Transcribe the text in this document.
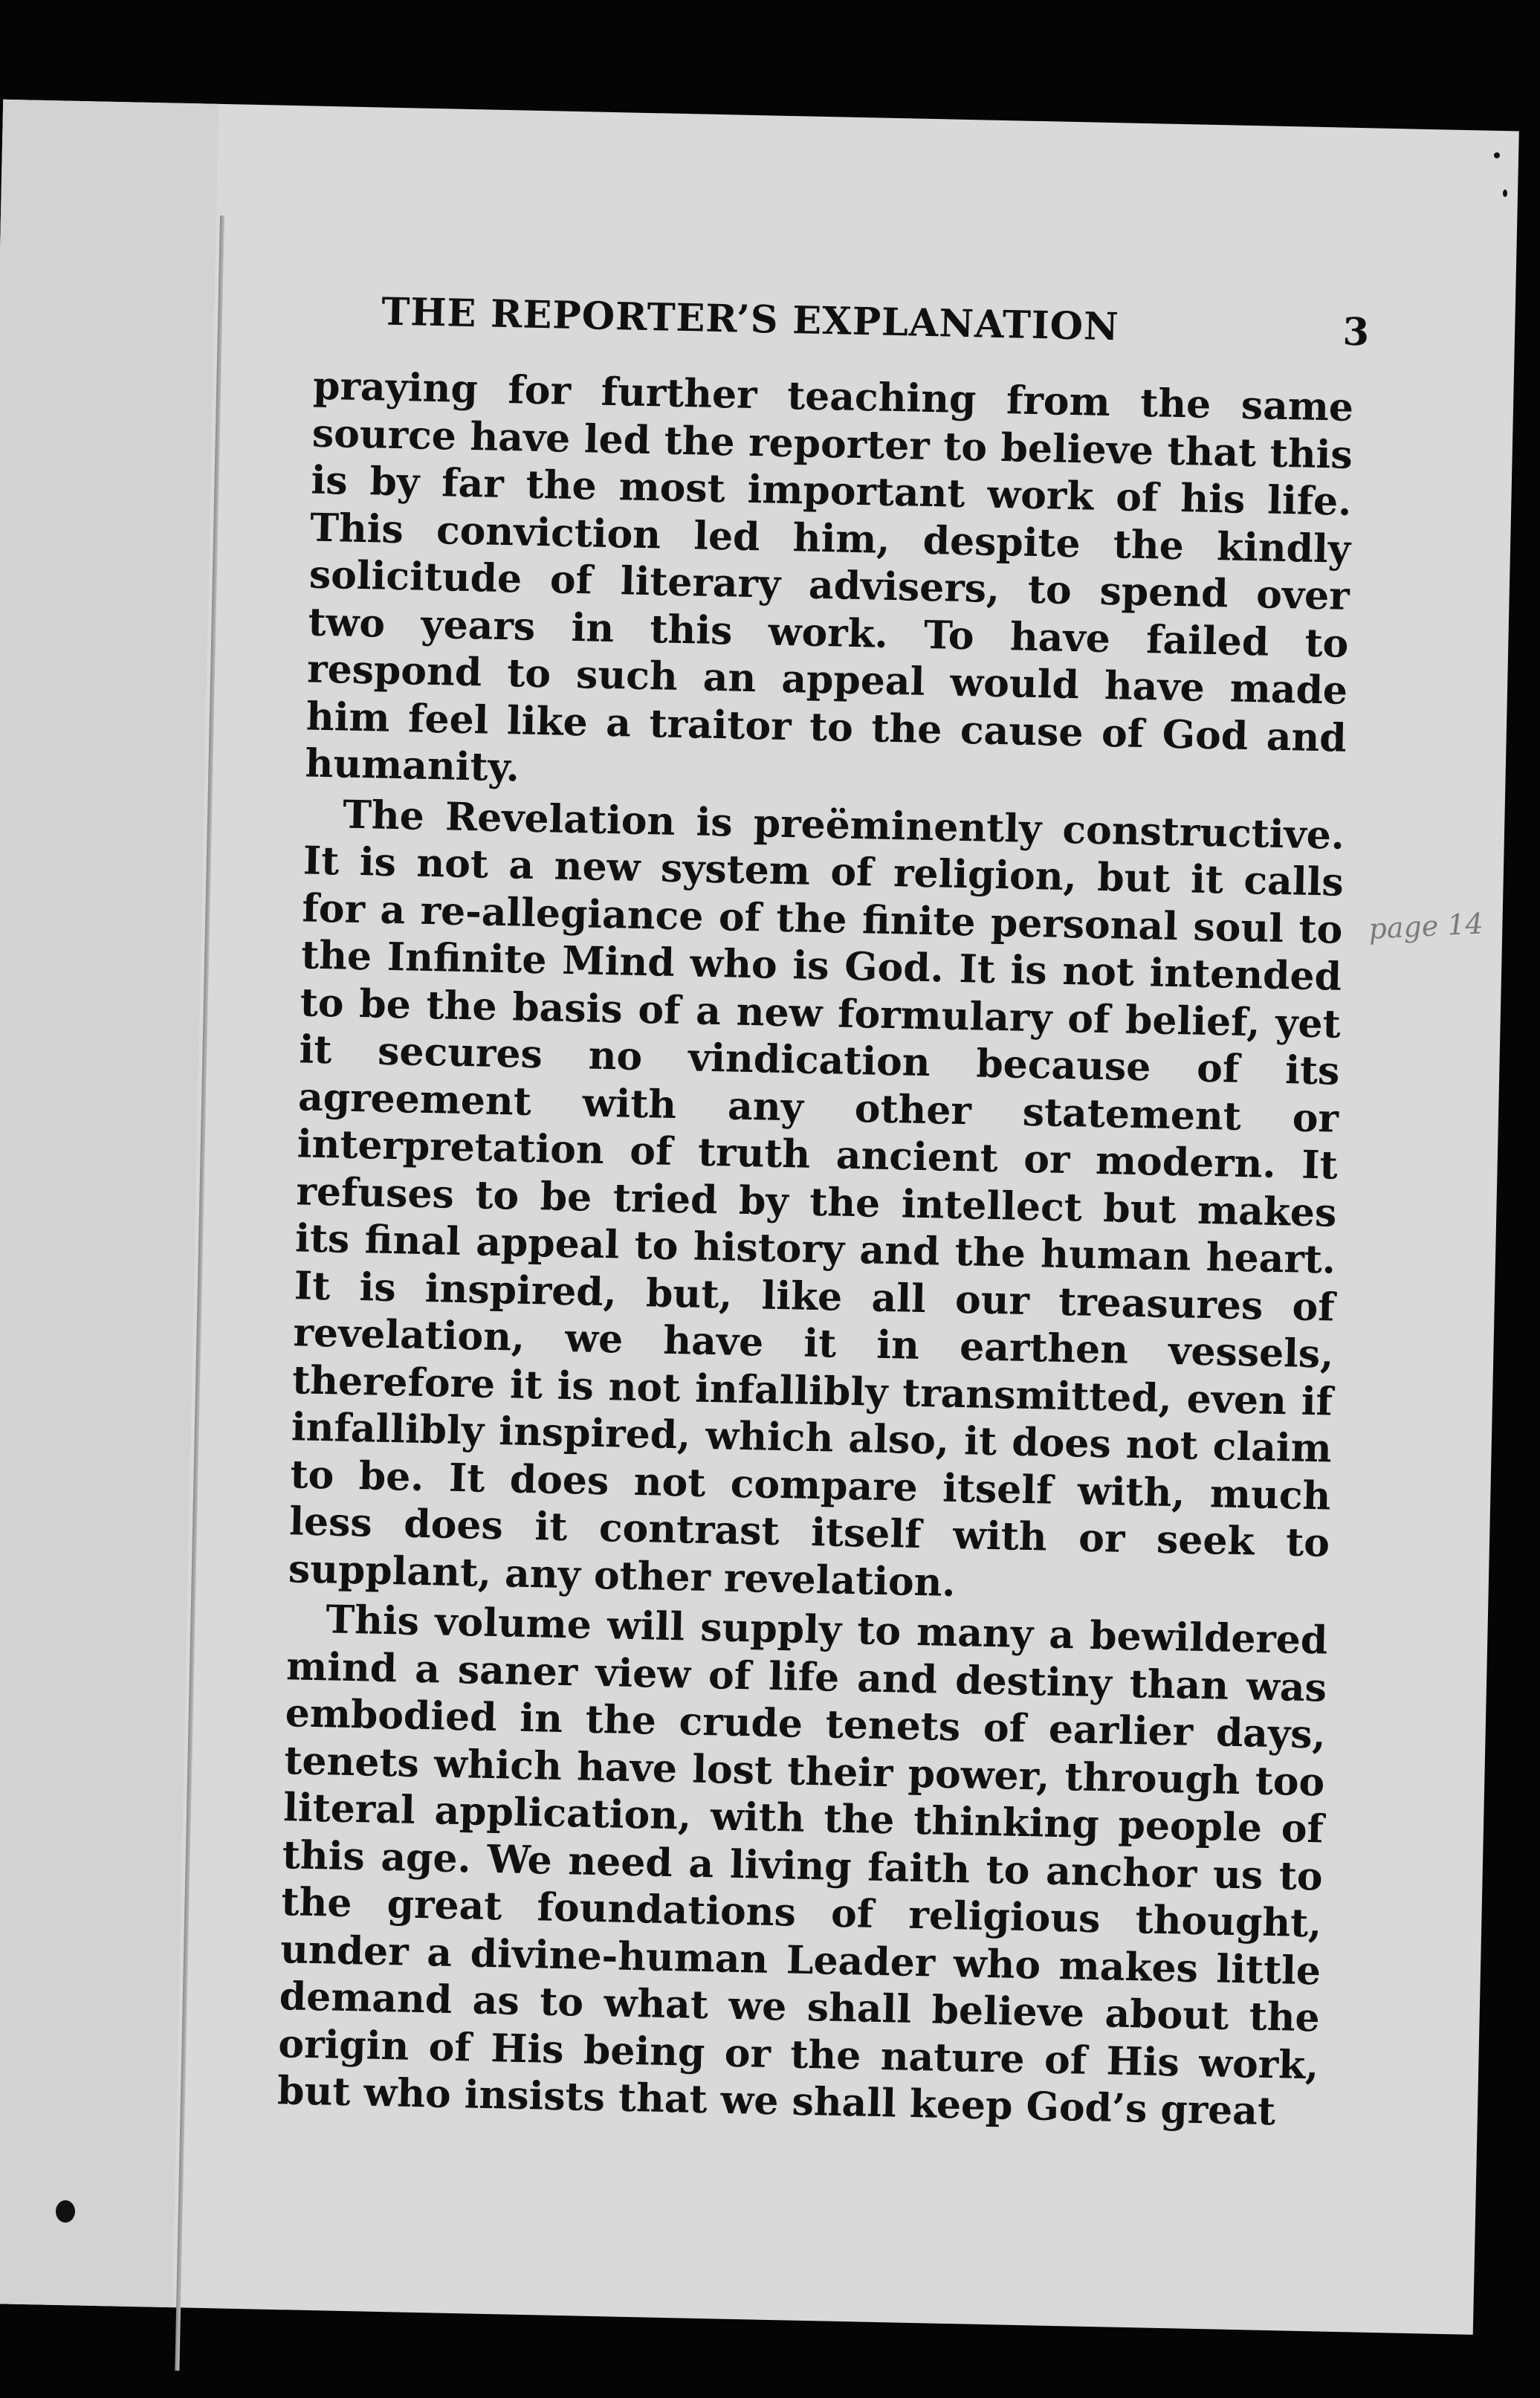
THE REPORTER’S EXPLANATION	3

praying for further teaching from the same source have led the reporter to believe that this is by far the most important work of his life. This conviction led him, despite the kindly solicitude of literary advisers, to spend over two years in this work. To have failed to respond to such an appeal would have made him feel like a traitor to the cause of God and humanity.

The Revelation is preëminently constructive. It is not a new system of religion, but it calls for a re-allegiance of the finite personal soul to the Infinite Mind who is God. It is not intended to be the basis of a new formulary of belief, yet it secures no vindication because of its agreement with any other statement or interpretation of truth ancient or modern. It refuses to be tried by the intellect but makes its final appeal to history and the human heart. It is inspired, but, like all our treasures of revelation, we have it in earthen vessels, therefore it is not infallibly transmitted, even if infallibly inspired, which also, it does not claim to be. It does not compare itself with, much less does it contrast itself with or seek to supplant, any other revelation.

This volume will supply to many a bewildered mind a saner view of life and destiny than was embodied in the crude tenets of earlier days, tenets which have lost their power, through too literal application, with the thinking people of this age. We need a living faith to anchor us to the great foundations of religious thought, under a divine-human Leader who makes little demand as to what we shall believe about the origin of His being or the nature of His work, but who insists that we shall keep God’s great

page 14
